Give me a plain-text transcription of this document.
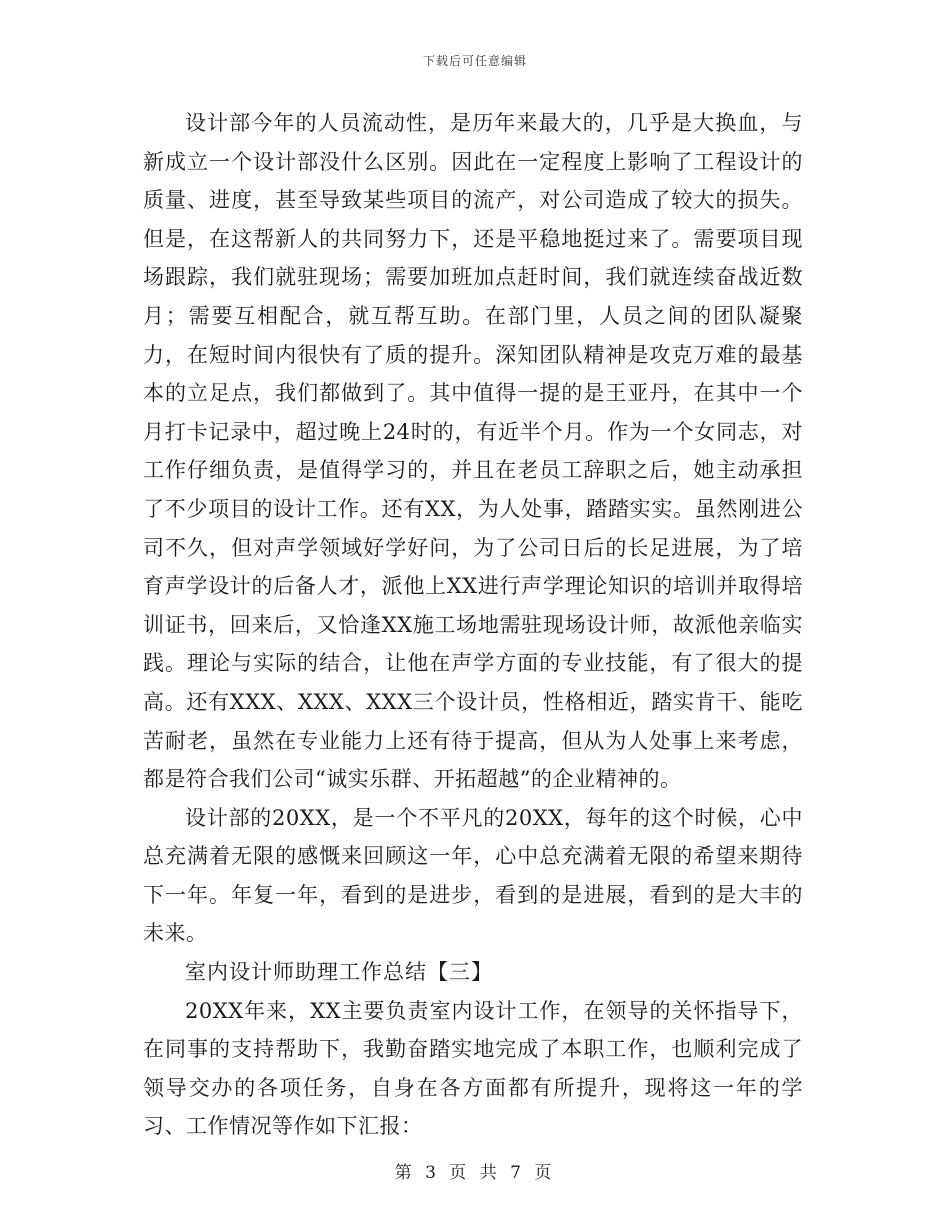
下载后可任意编辑

设计部今年的人员流动性，是历年来最大的，几乎是大换血，与新成立一个设计部没什么区别。因此在一定程度上影响了工程设计的质量、进度，甚至导致某些项目的流产，对公司造成了较大的损失。但是，在这帮新人的共同努力下，还是平稳地挺过来了。需要项目现场跟踪，我们就驻现场；需要加班加点赶时间，我们就连续奋战近数月；需要互相配合，就互帮互助。在部门里，人员之间的团队凝聚力，在短时间内很快有了质的提升。深知团队精神是攻克万难的最基本的立足点，我们都做到了。其中值得一提的是王亚丹，在其中一个月打卡记录中，超过晚上24时的，有近半个月。作为一个女同志，对工作仔细负责，是值得学习的，并且在老员工辞职之后，她主动承担了不少项目的设计工作。还有XX，为人处事，踏踏实实。虽然刚进公司不久，但对声学领域好学好问，为了公司日后的长足进展，为了培育声学设计的后备人才，派他上XX进行声学理论知识的培训并取得培训证书，回来后，又恰逢XX施工场地需驻现场设计师，故派他亲临实践。理论与实际的结合，让他在声学方面的专业技能，有了很大的提高。还有XXX、XXX、XXX三个设计员，性格相近，踏实肯干、能吃苦耐老，虽然在专业能力上还有待于提高，但从为人处事上来考虑，都是符合我们公司“诚实乐群、开拓超越”的企业精神的。

设计部的20XX，是一个不平凡的20XX，每年的这个时候，心中总充满着无限的感慨来回顾这一年，心中总充满着无限的希望来期待下一年。年复一年，看到的是进步，看到的是进展，看到的是大丰的未来。

室内设计师助理工作总结【三】

20XX年来，XX主要负责室内设计工作，在领导的关怀指导下，在同事的支持帮助下，我勤奋踏实地完成了本职工作，也顺利完成了领导交办的各项任务，自身在各方面都有所提升，现将这一年的学习、工作情况等作如下汇报：

第 3 页 共 7 页
